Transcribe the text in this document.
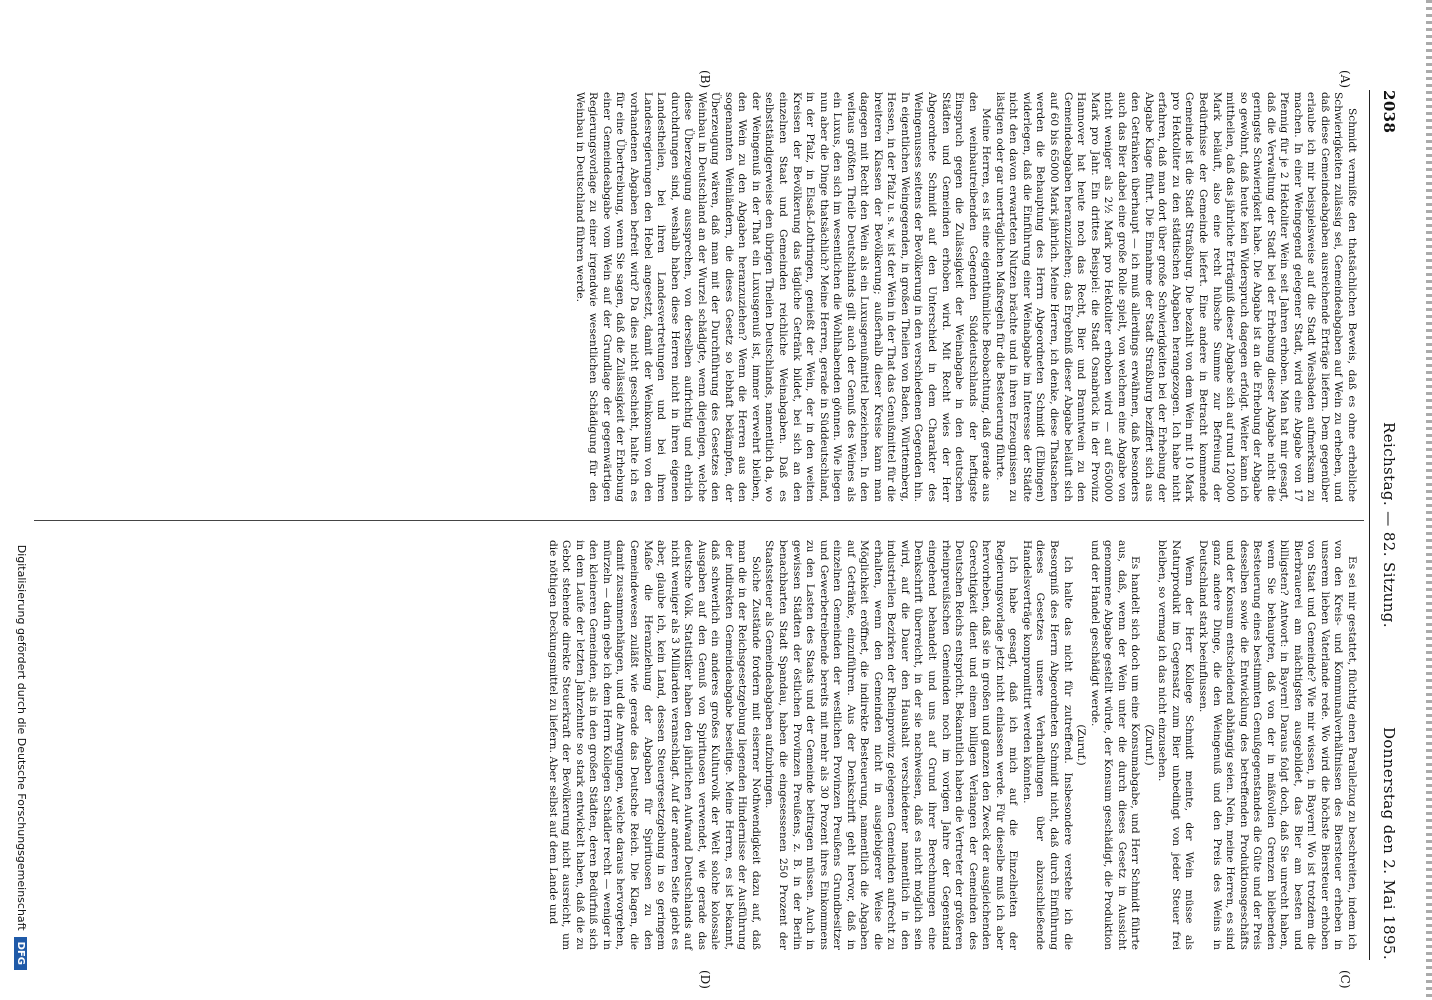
2038
Reichstag. — 82. Sitzung.
Donnerstag den 2. Mai 1895.
(A)
(B)
(C)
(D)

Schmidt vermißte den thatsächlichen Beweis, daß es ohne erhebliche Schwierigkeiten zulässig sei, Gemeindeabgaben auf Wein zu erheben, und daß diese Gemeindeabgaben ausreichende Erträge liefern. Dem gegenüber erlaube ich mir beispielsweise auf die Stadt Wiesbaden aufmerksam zu machen. In einer Weingegend gelegener Stadt, wird eine Abgabe von 17 Pfennig für je 2 Hektoliter Wein seit Jahren erhoben. Man hat mir gesagt, daß die Verwaltung der Stadt bei der Erhebung dieser Abgabe nicht die geringste Schwierigkeit habe. Die Abgabe ist an die Erhebung der Abgabe so gewöhnt, daß heute kein Widerspruch dagegen erfolgt. Weiter kann ich mittheilen, daß das jährliche Erträgniß dieser Abgabe sich auf rund 120000 Mark beläuft, also eine recht hübsche Summe zur Befreiung der Bedürfnisse der Gemeinde liefert. Eine andere in Betracht kommende Gemeinde ist die Stadt Straßburg. Die bezahlt von dem Wein mit 10 Mark pro Hektoliter zu den städtischen Abgaben herangezogen. Ich habe nicht erfahren, daß man dort über große Schwierigkeiten bei der Erhebung der Abgabe Klage führt. Die Einnahme der Stadt Straßburg beziffert sich aus den Getränken überhaupt — ich muß allerdings erwähnen, daß besonders auch das Bier dabei eine große Rolle spielt, von welchem eine Abgabe von nicht weniger als 2½ Mark pro Hektoliter erhoben wird — auf 650000 Mark pro Jahr. Ein drittes Beispiel: die Stadt Osnabrück in der Provinz Hannover hat heute noch das Recht, Bier und Branntwein zu den Gemeindeabgaben heranzuziehen; das Ergebniß dieser Abgabe beläuft sich auf 60 bis 65000 Mark jährlich. Meine Herren, ich denke, diese Thatsachen werden die Behauptung des Herrn Abgeordneten Schmidt (Elbingen) widerlegen, daß die Einführung einer Weinabgabe im Interesse der Städte nicht den davon erwarteten Nutzen brächte und in ihren Erzeugnissen zu lästigen oder gar unerträglichen Maßregeln für die Besteuerung führte.

Meine Herren, es ist eine eigenthümliche Beobachtung, daß gerade aus den weinbautreibenden Gegenden Süddeutschlands der heftigste Einspruch gegen die Zulässigkeit der Weinabgabe in den deutschen Städten und Gemeinden erhoben wird. Mit Recht wies der Herr Abgeordnete Schmidt auf den Unterschied in dem Charakter des Weingenusses seitens der Bevölkerung in den verschiedenen Gegenden hin. In eigentlichen Weingegenden, in großen Theilen von Baden, Württemberg, Hessen, in der Pfalz u. s. w. ist der Wein in der That das Genußmittel für die breiteren Klassen der Bevölkerung; außerhalb dieser Kreise kann man dagegen mit Recht den Wein als ein Luxusgenußmittel bezeichnen. In den weitaus größten Theile Deutschlands gilt auch der Genuß des Weines als ein Luxus, den sich im wesentlichen die Wohlhabenden gönnen. Wie liegen nun aber die Dinge thatsächlich? Meine Herren, gerade in Süddeutschland, in der Pfalz, in Elsaß-Lothringen, genießt der Wein, der in den weiten Kreisen der Bevölkerung das tägliche Getränk bildet, bei sich an den einzelnen Staat und Gemeinden reichliche Weinabgaben. Daß es selbstständigerweise den übrigen Theilen Deutschlands, namentlich da, wo der Weingenuß in der That ein Luxusgenuß ist, immer verwehrt bleiben, den Wein zu den Abgaben heranzuziehen? Wenn die Herren aus den sogenannten Weinländern, die dieses Gesetz so lebhaft bekämpfen, der Überzeugung wären, daß man mit der Durchführung des Gesetzes den Weinbau in Deutschland an der Wurzel schädigte, wenn diejenigen, welche diese Überzeugung aussprechen, von derselben aufrichtig und ehrlich durchdrungen sind, weshalb haben diese Herren nicht in ihren eigenen Landestheilen, bei ihren Landesvertretungen und bei ihren Landesregierungen den Hebel angesetzt, damit der Weinkonsum von den vorhandenen Abgaben befreit wird? Da dies nicht geschieht, halte ich es für eine Übertreibung, wenn Sie sagen, daß die Zulässigkeit der Erhebung einer Gemeindeabgabe vom Wein auf der Grundlage der gegenwärtigen Regierungsvorlage zu einer irgendwie wesentlichen Schädigung für den Weinbau in Deutschland führen werde.

Es sei mir gestattet, flüchtig einen Parallelzug zu beschreiten, indem ich von den Kreis- und Kommunalverhältnissen des Biersteuer erheben in unserem lieben Vaterlande rede. Wo wird die höchste Biersteuer erhoben von Staat und Gemeinde? Wie mir wissen, in Bayern! Wo ist trotzdem die Bierbrauerei am mächtigsten ausgebildet, das Bier am besten und billigsten? Antwort: in Bayern! Daraus folgt doch, daß Sie unrecht haben, wenn Sie behaupten, daß von der in mäßvollen Grenzen bleibenden Besteuerung eines bestimmten Genußgegenstandes die Güte und der Preis desselben sowie die Entwicklung des betreffenden Produktionsgeschäfts und der Konsum entscheidend abhängig seien. Nein, meine Herren, es sind ganz andere Dinge, die den Weingenuß und den Preis des Weins in Deutschland stark beeinflussen.

Wenn der Herr Kollege Schmidt meinte, der Wein müsse als Naturprodukt im Gegensatz zum Bier unbedingt von jeder Steuer frei bleiben, so vermag ich das nicht einzusehen.

(Zuruf.)

Es handelt sich doch um eine Konsumabgabe, und Herr Schmidt führte aus, daß, wenn der Wein unter die durch dieses Gesetz in Aussicht genommene Abgabe gestellt würde, der Konsum geschädigt, die Produktion und der Handel geschädigt werde.

(Zuruf.)

Ich halte das nicht für zutreffend. Insbesondere verstehe ich die Besorgniß des Herrn Abgeordneten Schmidt nicht, daß durch Einführung dieses Gesetzes unsere Verhandlungen über abzuschließende Handelsverträge kompromittirt werden könnten.

Ich habe gesagt, daß ich mich auf die Einzelheiten der Regierungsvorlage jetzt nicht einlassen werde. Für dieselbe muß ich aber hervorheben, daß sie in großen und ganzen den Zweck der ausgleichenden Gerechtigkeit dient und einem billigen Verlangen der Gemeinden des Deutschen Reichs entspricht. Bekanntlich haben die Vertreter der größeren rheinpreußischen Gemeinden noch im vorigen Jahre der Gegenstand eingehend behandelt und uns auf Grund ihrer Berechnungen eine Denkschrift überreicht, in der sie nachweisen, daß es nicht möglich sein wird, auf die Dauer den Haushalt verschiedener namentlich in den industriellen Bezirken der Rheinprovinz gelegenen Gemeinden aufrecht zu erhalten, wenn den Gemeinden nicht in ausgiebigerer Weise die Möglichkeit eröffnet, die indirekte Besteuerung, namentlich die Abgaben auf Getränke, einzuführen. Aus der Denkschrift geht hervor, daß in einzelnen Gemeinden der westlichen Provinzen Preußens Grundbesitzer und Gewerbetreibende bereits mit mehr als 30 Prozent ihres Einkommens zu den Lasten des Staats und der Gemeinde beitragen müssen. Auch in gewissen Städten der östlichen Provinzen Preußens, z. B. in der Berlin benachbarten Stadt Spandau, haben die eingesessenen 250 Prozent der Staatssteuer als Gemeindeabgaben aufzubringen.

Solche Zustände fordern mit eiserner Nothwendigkeit dazu auf, daß man die in der Reichsgesetzgebung liegenden Hindernisse der Ausführung der indirekten Gemeindeabgabe beseitige. Meine Herren, es ist bekannt, daß schwerlich ein anderes großes Kulturvolk der Welt solche kolossale Ausgaben auf den Genuß von Spirituosen verwendet, wie gerade das deutsche Volk. Statistiker haben den jährlichen Aufwand Deutschlands auf nicht weniger als 3 Milliarden veranschlagt. Auf der anderen Seite giebt es aber, glaube ich, kein Land, dessen Steuergesetzgebung in so geringem Maße die Heranziehung der Abgaben für Spirituosen zu den Gemeindewesen zuläßt wie gerade das Deutsche Reich. Die Klagen, die damit zusammenhängen, und die Anregungen, welche daraus hervorgehen, mürzeln — darin gebe ich dem Herrn Kollegen Schädler recht — weniger in den kleineren Gemeinden, als in den großen Städten, deren Bedürfniß sich in dem Laufe der letzten Jahrzehnte so stark entwickelt haben, daß die zu Gebot stehende direkte Steuerkraft der Bevölkerung nicht ausreicht, um die nöthigen Deckungsmittel zu liefern. Aber selbst auf dem Lande und

Digitalisierung gefördert durch die Deutsche ForschungsgemeinschaftDFG
